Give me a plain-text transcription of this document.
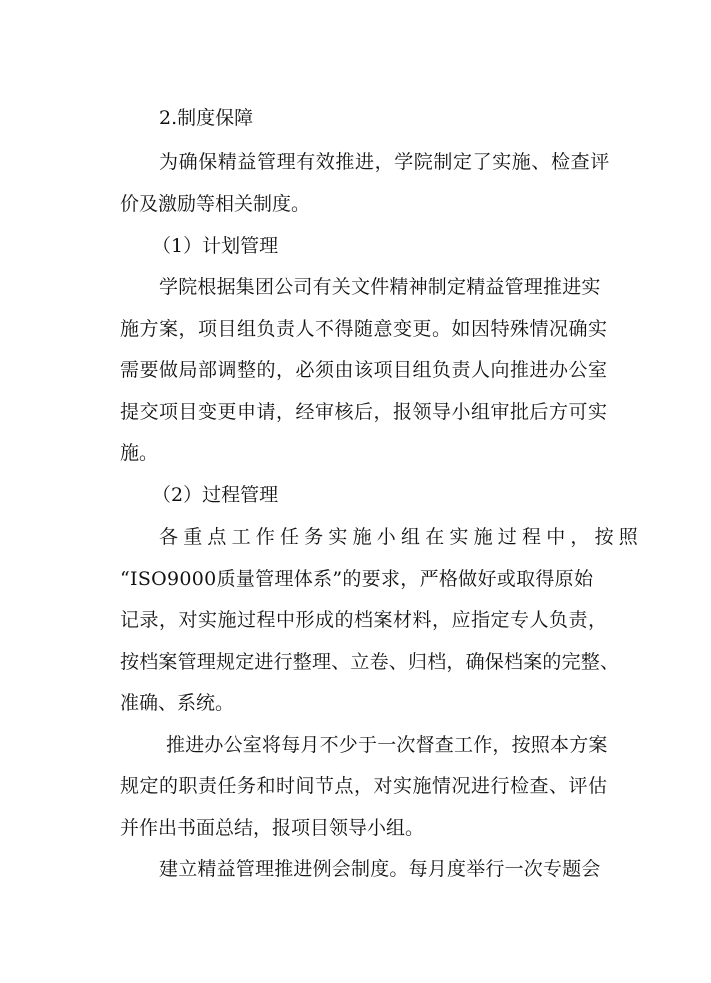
2.制度保障

为确保精益管理有效推进，学院制定了实施、检查评

价及激励等相关制度。

（1）计划管理

学院根据集团公司有关文件精神制定精益管理推进实

施方案，项目组负责人不得随意变更。如因特殊情况确实

需要做局部调整的，必须由该项目组负责人向推进办公室

提交项目变更申请，经审核后，报领导小组审批后方可实

施。

（2）过程管理

各重点工作任务实施小组在实施过程中，按照

“ISO9000质量管理体系”的要求，严格做好或取得原始

记录，对实施过程中形成的档案材料，应指定专人负责，

按档案管理规定进行整理、立卷、归档，确保档案的完整、

准确、系统。

推进办公室将每月不少于一次督查工作，按照本方案

规定的职责任务和时间节点，对实施情况进行检查、评估

并作出书面总结，报项目领导小组。

建立精益管理推进例会制度。每月度举行一次专题会
